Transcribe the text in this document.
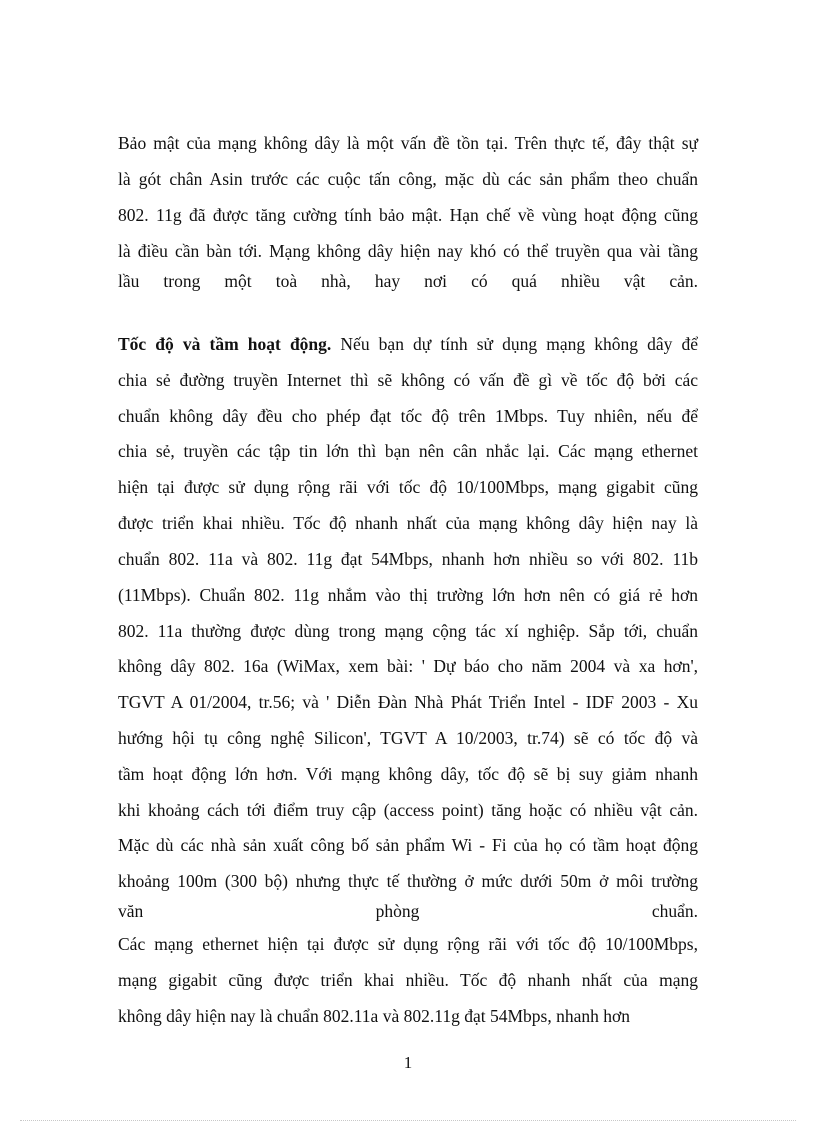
Bảo mật của mạng không dây là một vấn đề tồn tại. Trên thực tế, đây thật sự
là gót chân Asin trước các cuộc tấn công, mặc dù các sản phẩm theo chuẩn
802. 11g đã được tăng cường tính bảo mật. Hạn chế về vùng hoạt động cũng
là điều cần bàn tới. Mạng không dây hiện nay khó có thể truyền qua vài tầng
lầu trong một toà nhà, hay nơi có quá nhiều vật cản.
Tốc độ và tầm hoạt động. Nếu bạn dự tính sử dụng mạng không dây để
chia sẻ đường truyền Internet thì sẽ không có vấn đề gì về tốc độ bởi các
chuẩn không dây đều cho phép đạt tốc độ trên 1Mbps. Tuy nhiên, nếu để
chia sẻ, truyền các tập tin lớn thì bạn nên cân nhắc lại. Các mạng ethernet
hiện tại được sử dụng rộng rãi với tốc độ 10/100Mbps, mạng gigabit cũng
được triển khai nhiều. Tốc độ nhanh nhất của mạng không dây hiện nay là
chuẩn 802. 11a và 802. 11g đạt 54Mbps, nhanh hơn nhiều so với 802. 11b
(11Mbps). Chuẩn 802. 11g nhắm vào thị trường lớn hơn nên có giá rẻ hơn
802. 11a thường được dùng trong mạng cộng tác xí nghiệp. Sắp tới, chuẩn
không dây 802. 16a (WiMax, xem bài: ' Dự báo cho năm 2004 và xa hơn',
TGVT A 01/2004, tr.56; và ' Diễn Đàn Nhà Phát Triển Intel - IDF 2003 - Xu
hướng hội tụ công nghệ Silicon', TGVT A 10/2003, tr.74) sẽ có tốc độ và
tầm hoạt động lớn hơn. Với mạng không dây, tốc độ sẽ bị suy giảm nhanh
khi khoảng cách tới điểm truy cập (access point) tăng hoặc có nhiều vật cản.
Mặc dù các nhà sản xuất công bố sản phẩm Wi - Fi của họ có tầm hoạt động
khoảng 100m (300 bộ) nhưng thực tế thường ở mức dưới 50m ở môi trường
văn phòng chuẩn.
Các mạng ethernet hiện tại được sử dụng rộng rãi với tốc độ 10/100Mbps,
mạng gigabit cũng được triển khai nhiều. Tốc độ nhanh nhất của mạng
không dây hiện nay là chuẩn 802.11a và 802.11g đạt 54Mbps, nhanh hơn
1
